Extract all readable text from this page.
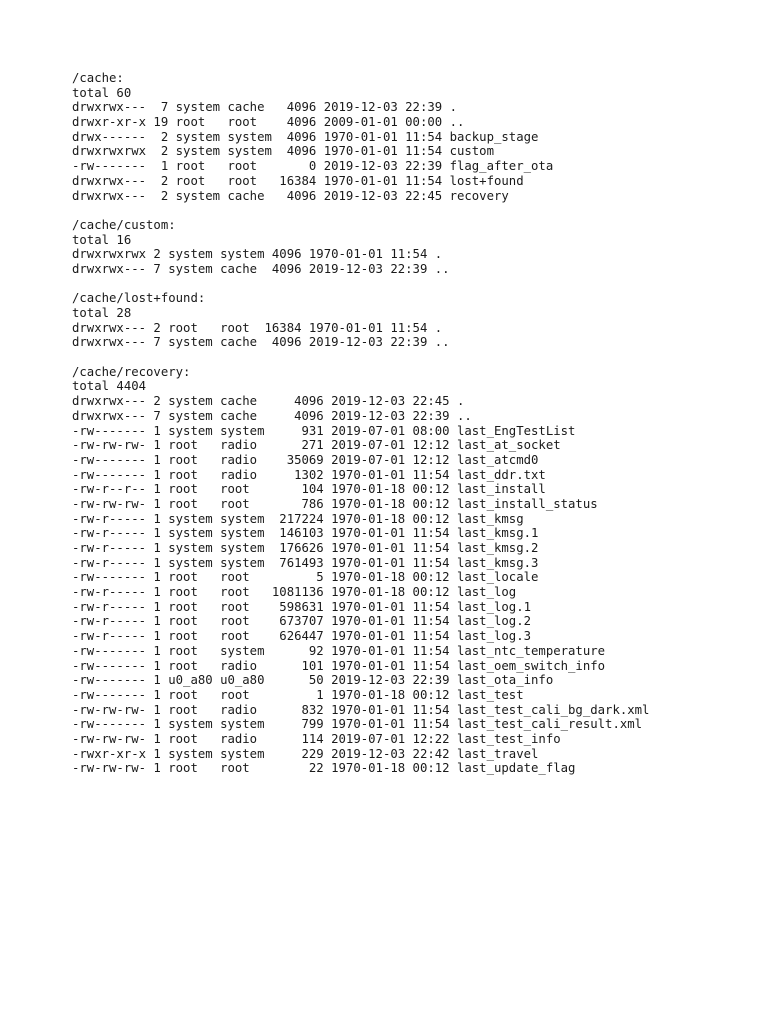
/cache:
total 60
drwxrwx---  7 system cache   4096 2019-12-03 22:39 .
drwxr-xr-x 19 root   root    4096 2009-01-01 00:00 ..
drwx------  2 system system  4096 1970-01-01 11:54 backup_stage
drwxrwxrwx  2 system system  4096 1970-01-01 11:54 custom
-rw-------  1 root   root       0 2019-12-03 22:39 flag_after_ota
drwxrwx---  2 root   root   16384 1970-01-01 11:54 lost+found
drwxrwx---  2 system cache   4096 2019-12-03 22:45 recovery
/cache/custom:
total 16
drwxrwxrwx 2 system system 4096 1970-01-01 11:54 .
drwxrwx--- 7 system cache  4096 2019-12-03 22:39 ..
/cache/lost+found:
total 28
drwxrwx--- 2 root   root  16384 1970-01-01 11:54 .
drwxrwx--- 7 system cache  4096 2019-12-03 22:39 ..
/cache/recovery:
total 4404
drwxrwx--- 2 system cache     4096 2019-12-03 22:45 .
drwxrwx--- 7 system cache     4096 2019-12-03 22:39 ..
-rw------- 1 system system     931 2019-07-01 08:00 last_EngTestList
-rw-rw-rw- 1 root   radio      271 2019-07-01 12:12 last_at_socket
-rw------- 1 root   radio    35069 2019-07-01 12:12 last_atcmd0
-rw------- 1 root   radio     1302 1970-01-01 11:54 last_ddr.txt
-rw-r--r-- 1 root   root       104 1970-01-18 00:12 last_install
-rw-rw-rw- 1 root   root       786 1970-01-18 00:12 last_install_status
-rw-r----- 1 system system  217224 1970-01-18 00:12 last_kmsg
-rw-r----- 1 system system  146103 1970-01-01 11:54 last_kmsg.1
-rw-r----- 1 system system  176626 1970-01-01 11:54 last_kmsg.2
-rw-r----- 1 system system  761493 1970-01-01 11:54 last_kmsg.3
-rw------- 1 root   root         5 1970-01-18 00:12 last_locale
-rw-r----- 1 root   root   1081136 1970-01-18 00:12 last_log
-rw-r----- 1 root   root    598631 1970-01-01 11:54 last_log.1
-rw-r----- 1 root   root    673707 1970-01-01 11:54 last_log.2
-rw-r----- 1 root   root    626447 1970-01-01 11:54 last_log.3
-rw------- 1 root   system      92 1970-01-01 11:54 last_ntc_temperature
-rw------- 1 root   radio      101 1970-01-01 11:54 last_oem_switch_info
-rw------- 1 u0_a80 u0_a80      50 2019-12-03 22:39 last_ota_info
-rw------- 1 root   root         1 1970-01-18 00:12 last_test
-rw-rw-rw- 1 root   radio      832 1970-01-01 11:54 last_test_cali_bg_dark.xml
-rw------- 1 system system     799 1970-01-01 11:54 last_test_cali_result.xml
-rw-rw-rw- 1 root   radio      114 2019-07-01 12:22 last_test_info
-rwxr-xr-x 1 system system     229 2019-12-03 22:42 last_travel
-rw-rw-rw- 1 root   root        22 1970-01-18 00:12 last_update_flag
